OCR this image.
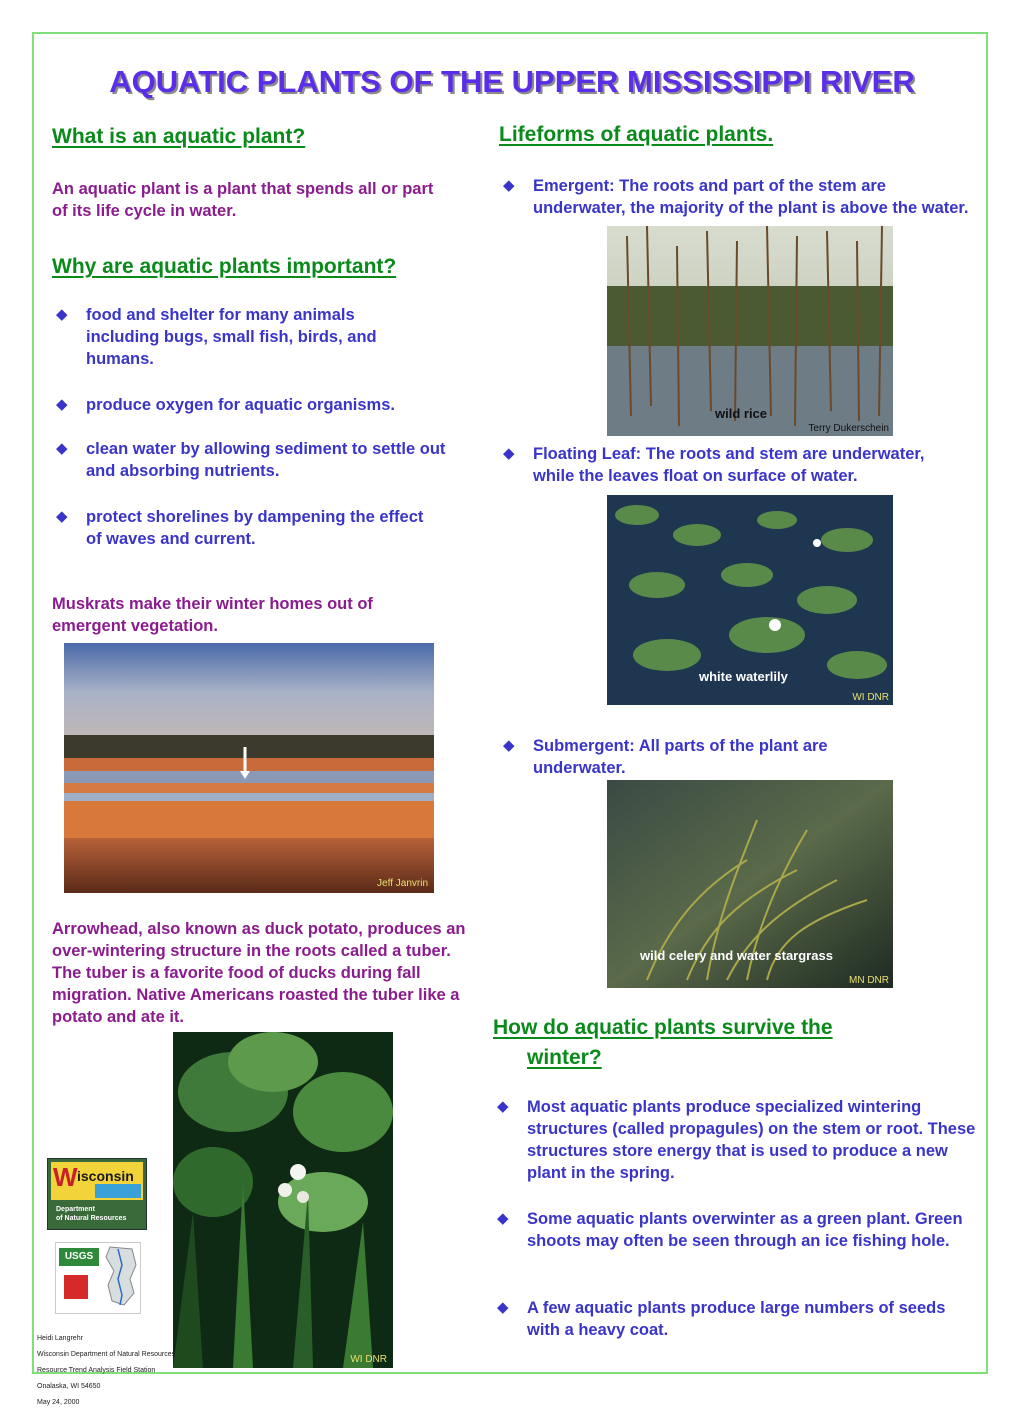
AQUATIC PLANTS OF THE UPPER MISSISSIPPI RIVER
What is an aquatic plant?
An aquatic plant is a plant that spends all or part of its life cycle in water.
Why are aquatic plants important?
◆ food and shelter for many animals including bugs, small fish, birds, and humans.
◆ produce oxygen for aquatic organisms.
◆ clean water by allowing sediment to settle out and absorbing nutrients.
◆ protect shorelines by dampening the effect of waves and current.
Muskrats make their winter homes out of emergent vegetation.
Jeff Janvrin
Arrowhead, also known as duck potato, produces an over-wintering structure in the roots called a tuber. The tuber is a favorite food of ducks during fall migration. Native Americans roasted the tuber like a potato and ate it.
WI DNR
W isconsin
Department
of Natural Resources
USGS

Heidi Langrehr

Wisconsin Department of Natural Resources

Resource Trend Analysis Field Station

Onalaska, WI 54650

May 24, 2000

Lifeforms of aquatic plants.
◆ Emergent: The roots and part of the stem are underwater, the majority of the plant is above the water.
wild rice
Terry Dukerschein
◆ Floating Leaf: The roots and stem are underwater, while the leaves float on surface of water.
white waterlily
WI DNR
◆ Submergent: All parts of the plant are underwater.
wild celery and water stargrass
MN DNR
How do aquatic plants survive the
winter?
◆ Most aquatic plants produce specialized wintering structures (called propagules) on the stem or root. These structures store energy that is used to produce a new plant in the spring.
◆ Some aquatic plants overwinter as a green plant. Green shoots may often be seen through an ice fishing hole.
◆ A few aquatic plants produce large numbers of seeds with a heavy coat.
